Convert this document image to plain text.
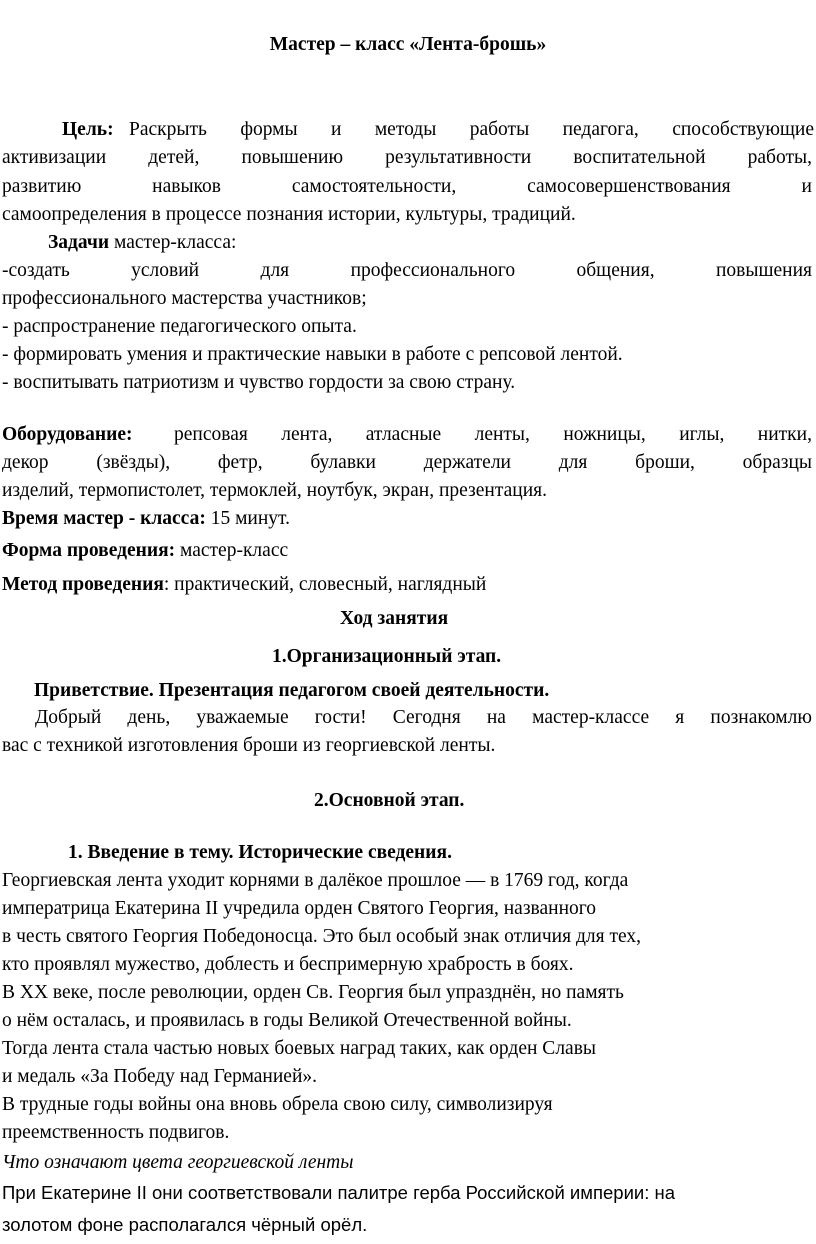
Мастер – класс «Лента-брошь»
Цель: Раскрыть формы и методы работы педагога, способствующие
активизации детей, повышению результативности воспитательной работы,
развитию	навыков	самостоятельности,	самосовершенствования	и
самоопределения в процессе познания истории, культуры, традиций.
Задачи мастер-класса:
-создать	условий	для	профессионального	общения,	повышения
профессионального мастерства участников;
- распространение педагогического опыта.
- формировать умения и практические навыки в работе с репсовой лентой.
- воспитывать патриотизм и чувство гордости за свою страну.
Оборудование: репсовая лента, атласные ленты, ножницы, иглы, нитки,
декор (звёзды), фетр, булавки держатели для броши, образцы
изделий, термопистолет, термоклей, ноутбук, экран, презентация.
Время мастер - класса: 15 минут.
Форма проведения: мастер-класс
Метод проведения: практический, словесный, наглядный
Ход занятия
1.Организационный этап.
Приветствие. Презентация педагогом своей деятельности.
Добрый день, уважаемые гости! Сегодня на мастер-классе я познакомлю
вас с техникой изготовления броши из георгиевской ленты.
2.Основной этап.
1. Введение в тему. Исторические сведения.
Георгиевская лента уходит корнями в далёкое прошлое — в 1769 год, когда
императрица Екатерина II учредила орден Святого Георгия, названного
в честь святого Георгия Победоносца. Это был особый знак отличия для тех,
кто проявлял мужество, доблесть и беспримерную храбрость в боях.
В XX веке, после революции, орден Св. Георгия был упразднён, но память
о нём осталась, и проявилась в годы Великой Отечественной войны.
Тогда лента стала частью новых боевых наград таких, как орден Славы
и медаль «За Победу над Германией».
В трудные годы войны она вновь обрела свою силу, символизируя
преемственность подвигов.
Что означают цвета георгиевской ленты
При Екатерине II они соответствовали палитре герба Российской империи: на
золотом фоне располагался чёрный орёл.
